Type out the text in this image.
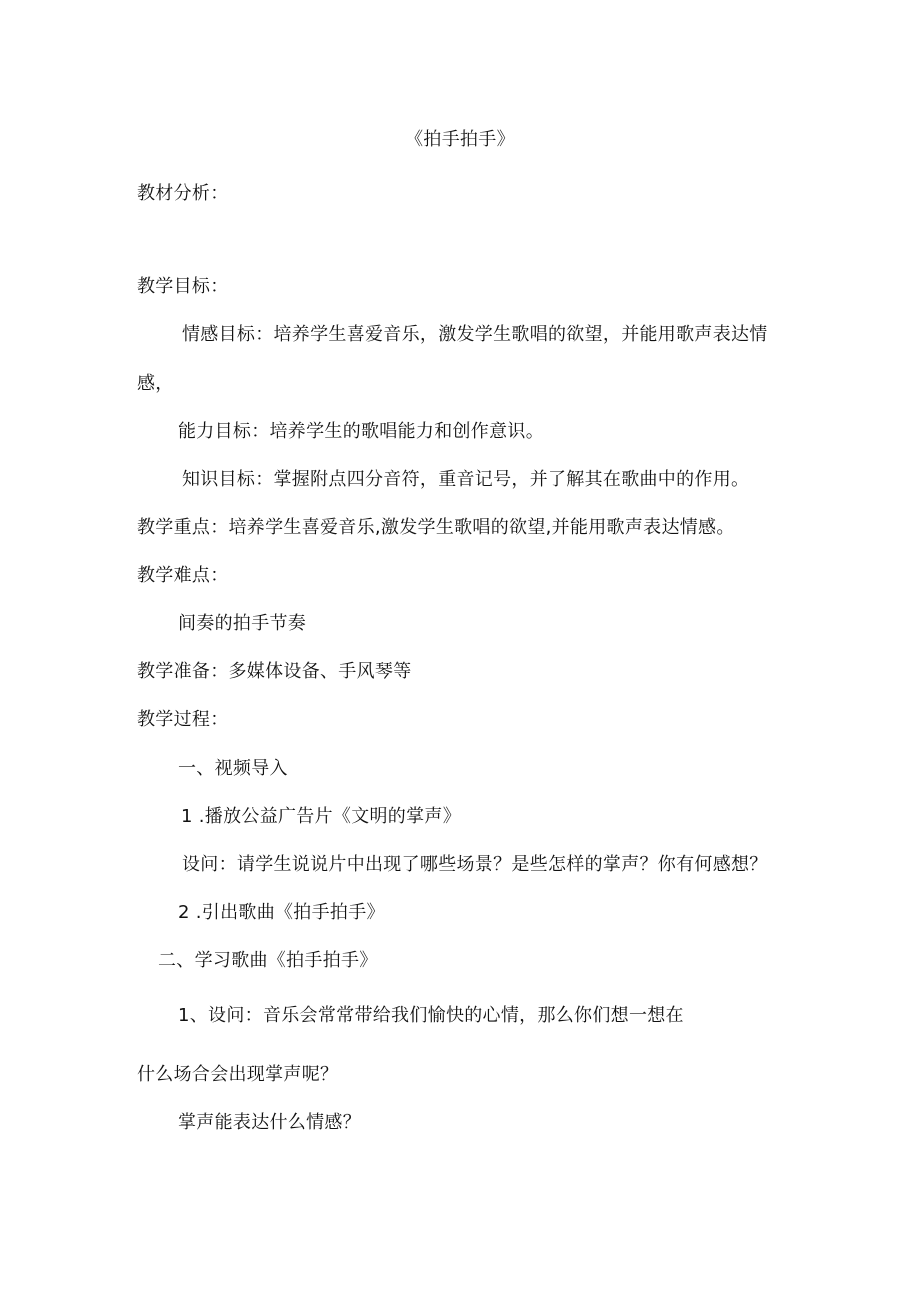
《拍手拍手》
教材分析：
教学目标：
情感目标：培养学生喜爱音乐，激发学生歌唱的欲望，并能用歌声表达情
感，
能力目标：培养学生的歌唱能力和创作意识。
知识目标：掌握附点四分音符，重音记号，并了解其在歌曲中的作用。
教学重点：培养学生喜爱音乐,激发学生歌唱的欲望,并能用歌声表达情感。
教学难点：
间奏的拍手节奏
教学准备：多媒体设备、手风琴等
教学过程：
一、视频导入
1 .播放公益广告片《文明的掌声》
设问：请学生说说片中出现了哪些场景？是些怎样的掌声？你有何感想？
2 .引出歌曲《拍手拍手》
二、学习歌曲《拍手拍手》
1、设问：音乐会常常带给我们愉快的心情，那么你们想一想在
什么场合会出现掌声呢？
掌声能表达什么情感？
